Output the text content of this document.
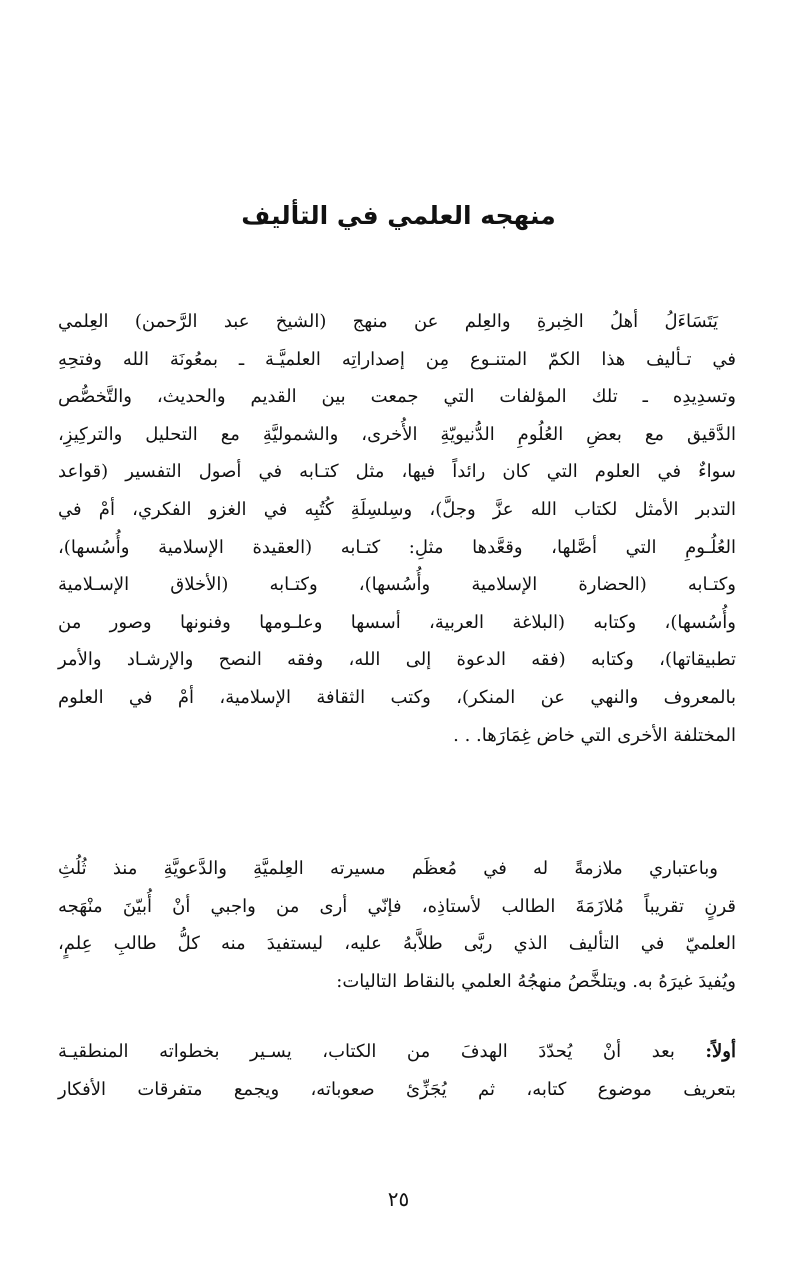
منهجه العلمي في التأليف
يَتَسَاءَلُ أهلُ الخِبرةِ والعِلم عن منهج (الشيخ عبد الرَّحمن) العِلمي
في تـأليف هذا الكمّ المتنـوع مِن إصداراتِه العلميَّـة ـ بمعُونَة الله وفتحِهِ
وتسدِيدِه ـ تلك المؤلفات التي جمعت بين القديم والحديث، والتَّخصُّص
الدَّقيق مع بعضِ العُلُومِ الدُّنيويّةِ الأُخرى، والشموليَّةِ مع التحليل والتركِيزِ،
سواءٌ في العلوم التي كان رائداً فيها، مثل كتـابه في أصول التفسير (قواعد
التدبر الأمثل لكتاب الله عزَّ وجلَّ)، وسِلسِلَةِ كُتُبِه في الغزو الفكري، أمْ في
العُلُـومِ التي أصَّلها، وقعَّدها مثلِ: كتـابه (العقيدة الإسلامية وأُسُسها)،
وكتـابه (الحضارة الإسلامية وأُسُسها)، وكتـابه (الأخلاق الإسـلامية
وأُسُسها)، وكتابه (البلاغة العربية، أسسها وعلـومها وفنونها وصور من
تطبيقاتها)، وكتابه (فقه الدعوة إلى الله، وفقه النصح والإرشـاد والأمر
بالمعروف والنهي عن المنكر)، وكتب الثقافة الإسلامية، أمْ في العلوم
المختلفة الأخرى التي خاض غِمَارَها. . .
وباعتباري ملازمةً له في مُعظَم مسيرته العِلميَّةِ والدَّعويَّةِ منذ ثُلُثِ
قرنٍ تقريباً مُلازَمَةَ الطالب لأستاذِه، فإنّي أرى من واجبي أنْ أُبيّنَ منْهَجه
العلميّ في التأليف الذي ربَّى طلاَّبهُ عليه، ليستفيدَ منه كلُّ طالبِ عِلمٍ،
ويُفيدَ غيرَهُ به. ويتلخَّصُ منهجُهُ العلمي بالنقاط التاليات:
أولاً: بعد أنْ يُحدّدَ الهدفَ من الكتاب، يسـير بخطواته المنطقيـة
بتعريف موضوع كتابه، ثم يُجَزِّئ صعوباته، ويجمع متفرقات الأفكار
٢٥
